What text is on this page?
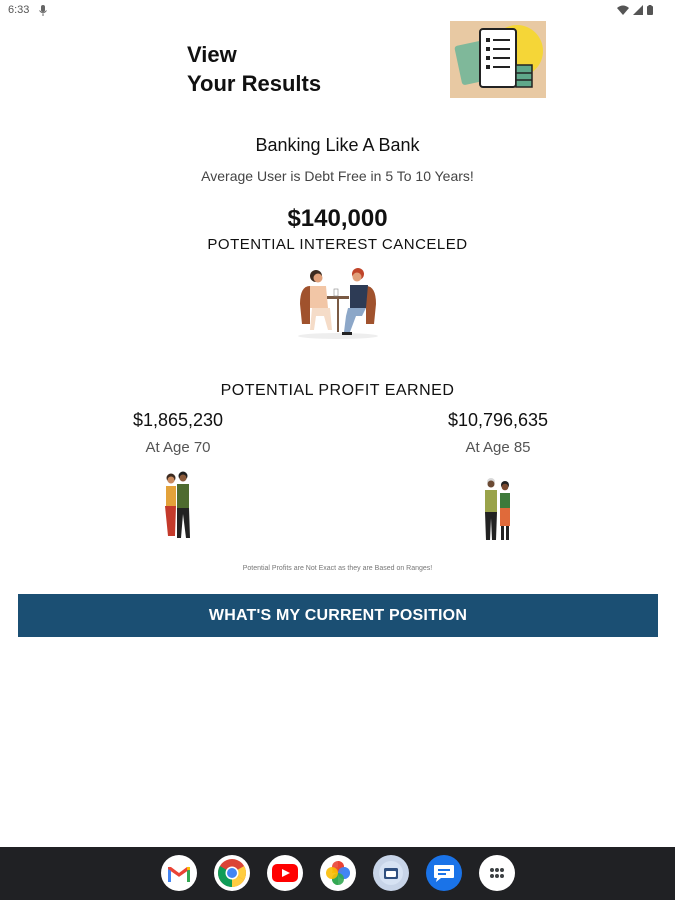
6:33
View
Your Results
Banking Like A Bank
Average User is Debt Free in 5 To 10 Years!
$140,000
POTENTIAL INTEREST CANCELED
POTENTIAL PROFIT EARNED
$1,865,230
At Age 70
$10,796,635
At Age 85
Potential Profits are Not Exact as they are Based on Ranges!
WHAT'S MY CURRENT POSITION
